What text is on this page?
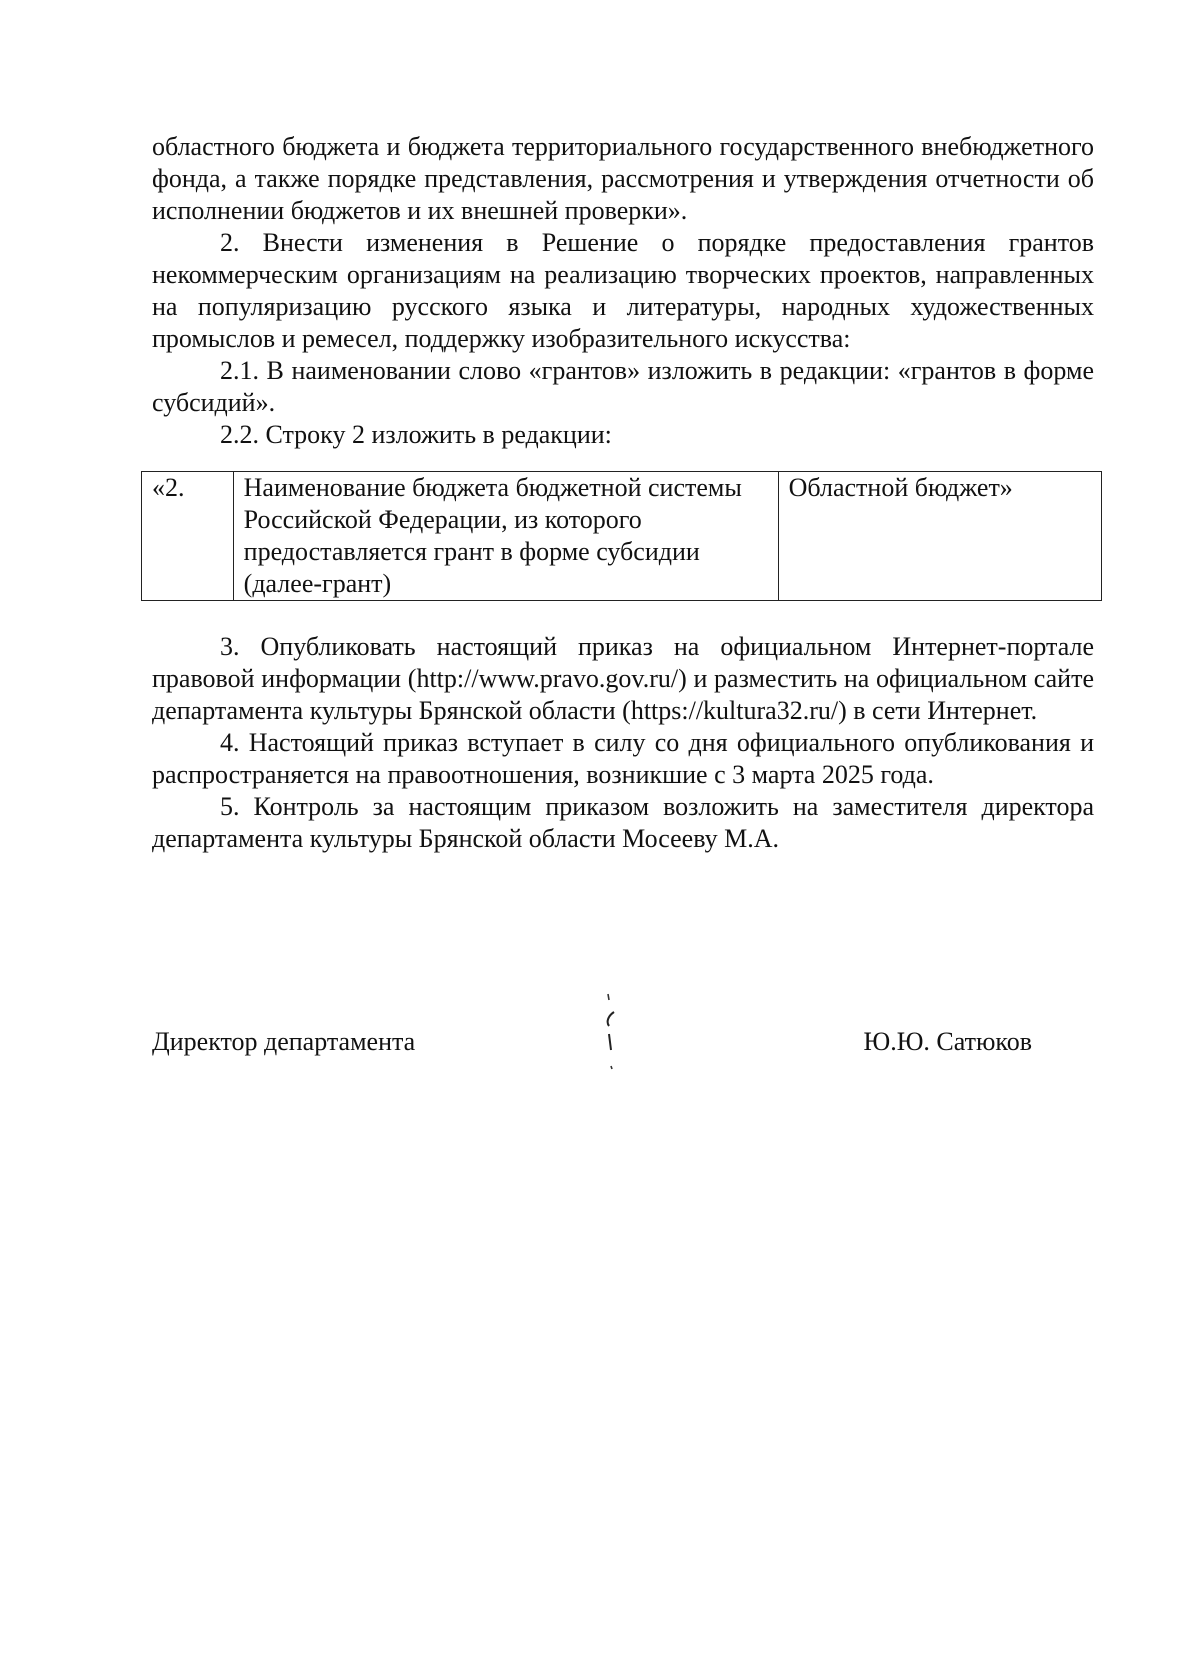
областного бюджета и бюджета территориального государственного внебюджетного фонда, а также порядке представления, рассмотрения и утверждения отчетности об исполнении бюджетов и их внешней проверки».

2. Внести изменения в Решение о порядке предоставления грантов некоммерческим организациям на реализацию творческих проектов, направленных на популяризацию русского языка и литературы, народных художественных промыслов и ремесел, поддержку изобразительного искусства:

2.1. В наименовании слово «грантов» изложить в редакции: «грантов в форме субсидий».

2.2. Строку 2 изложить в редакции:

«2.	Наименование бюджета бюджетной системы Российской Федерации, из которого предоставляется грант в форме субсидии (далее-грант)	Областной бюджет»

3. Опубликовать настоящий приказ на официальном Интернет-портале правовой информации (http://www.pravo.gov.ru/) и разместить на официальном сайте департамента культуры Брянской области (https://kultura32.ru/) в сети Интернет.

4. Настоящий приказ вступает в силу со дня официального опубликования и распространяется на правоотношения, возникшие с 3 марта 2025 года.

5. Контроль за настоящим приказом возложить на заместителя директора департамента культуры Брянской области Мосееву М.А.

Директор департамента	Ю.Ю. Сатюков
